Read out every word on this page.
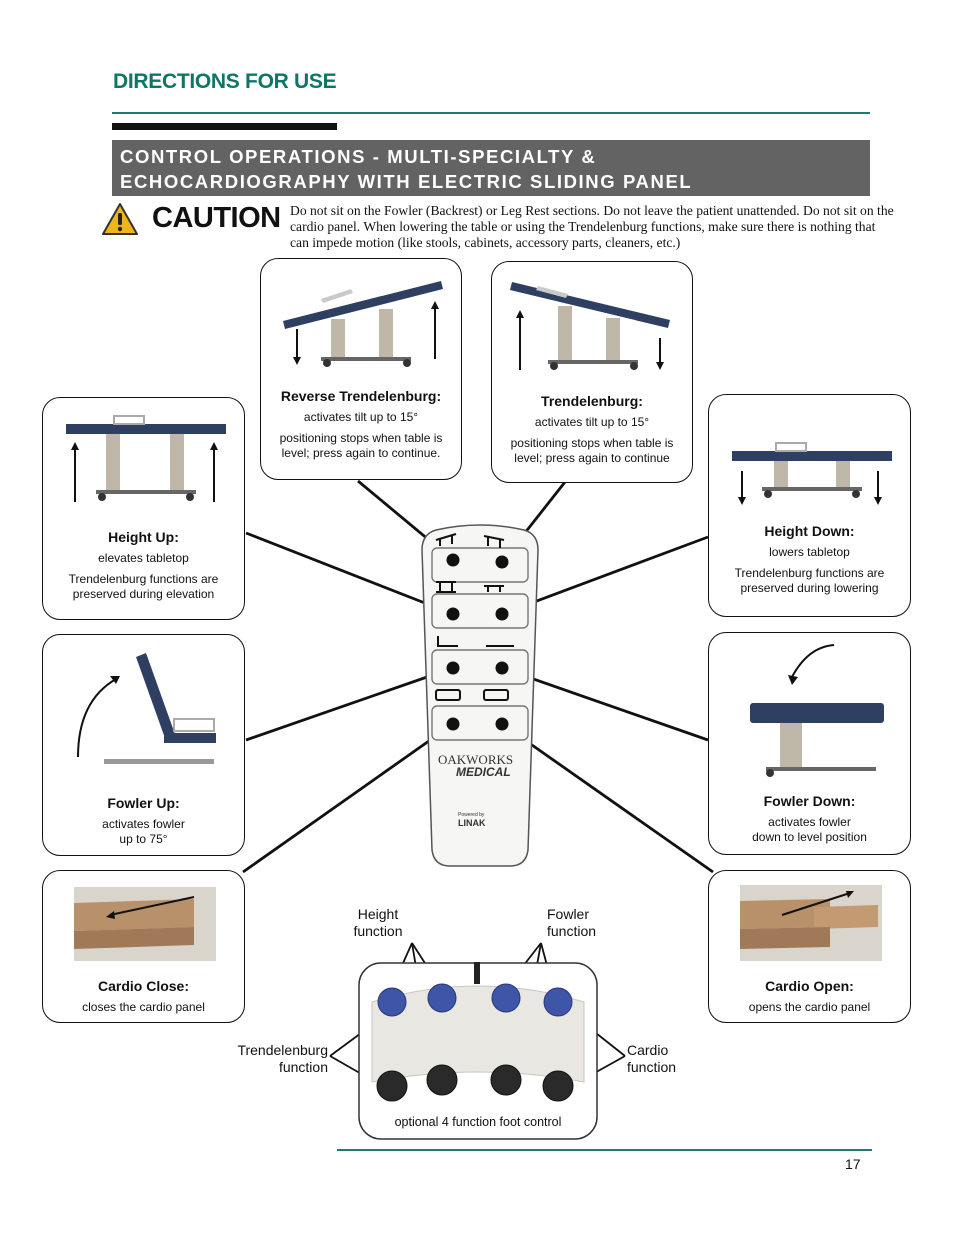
DIRECTIONS FOR USE
CONTROL OPERATIONS - MULTI-SPECIALTY &
ECHOCARDIOGRAPHY WITH ELECTRIC SLIDING PANEL
CAUTION Do not sit on the Fowler (Backrest) or Leg Rest sections. Do not leave the patient unattended. Do not sit on the cardio panel. When lowering the table or using the Trendelenburg functions, make sure there is nothing that can impede motion (like stools, cabinets, accessory parts, cleaners, etc.)
Reverse Trendelenburg:
activates tilt up to 15°
positioning stops when table is
level; press again to continue.
Trendelenburg:
activates tilt up to 15°
positioning stops when table is
level; press again to continue
Height Up:
elevates tabletop
Trendelenburg functions are
preserved during elevation
Height Down:
lowers tabletop
Trendelenburg functions are
preserved during lowering
Fowler Up:
activates fowler
up to 75°
Fowler Down:
activates fowler
down to level position
Cardio Close:
closes the cardio panel
Cardio Open:
opens the cardio panel
OAKWORKS
MEDICAL
Powered by
LINAK
Height
function
Fowler
function
Trendelenburg
function
Cardio
function
optional 4 function foot control
17
